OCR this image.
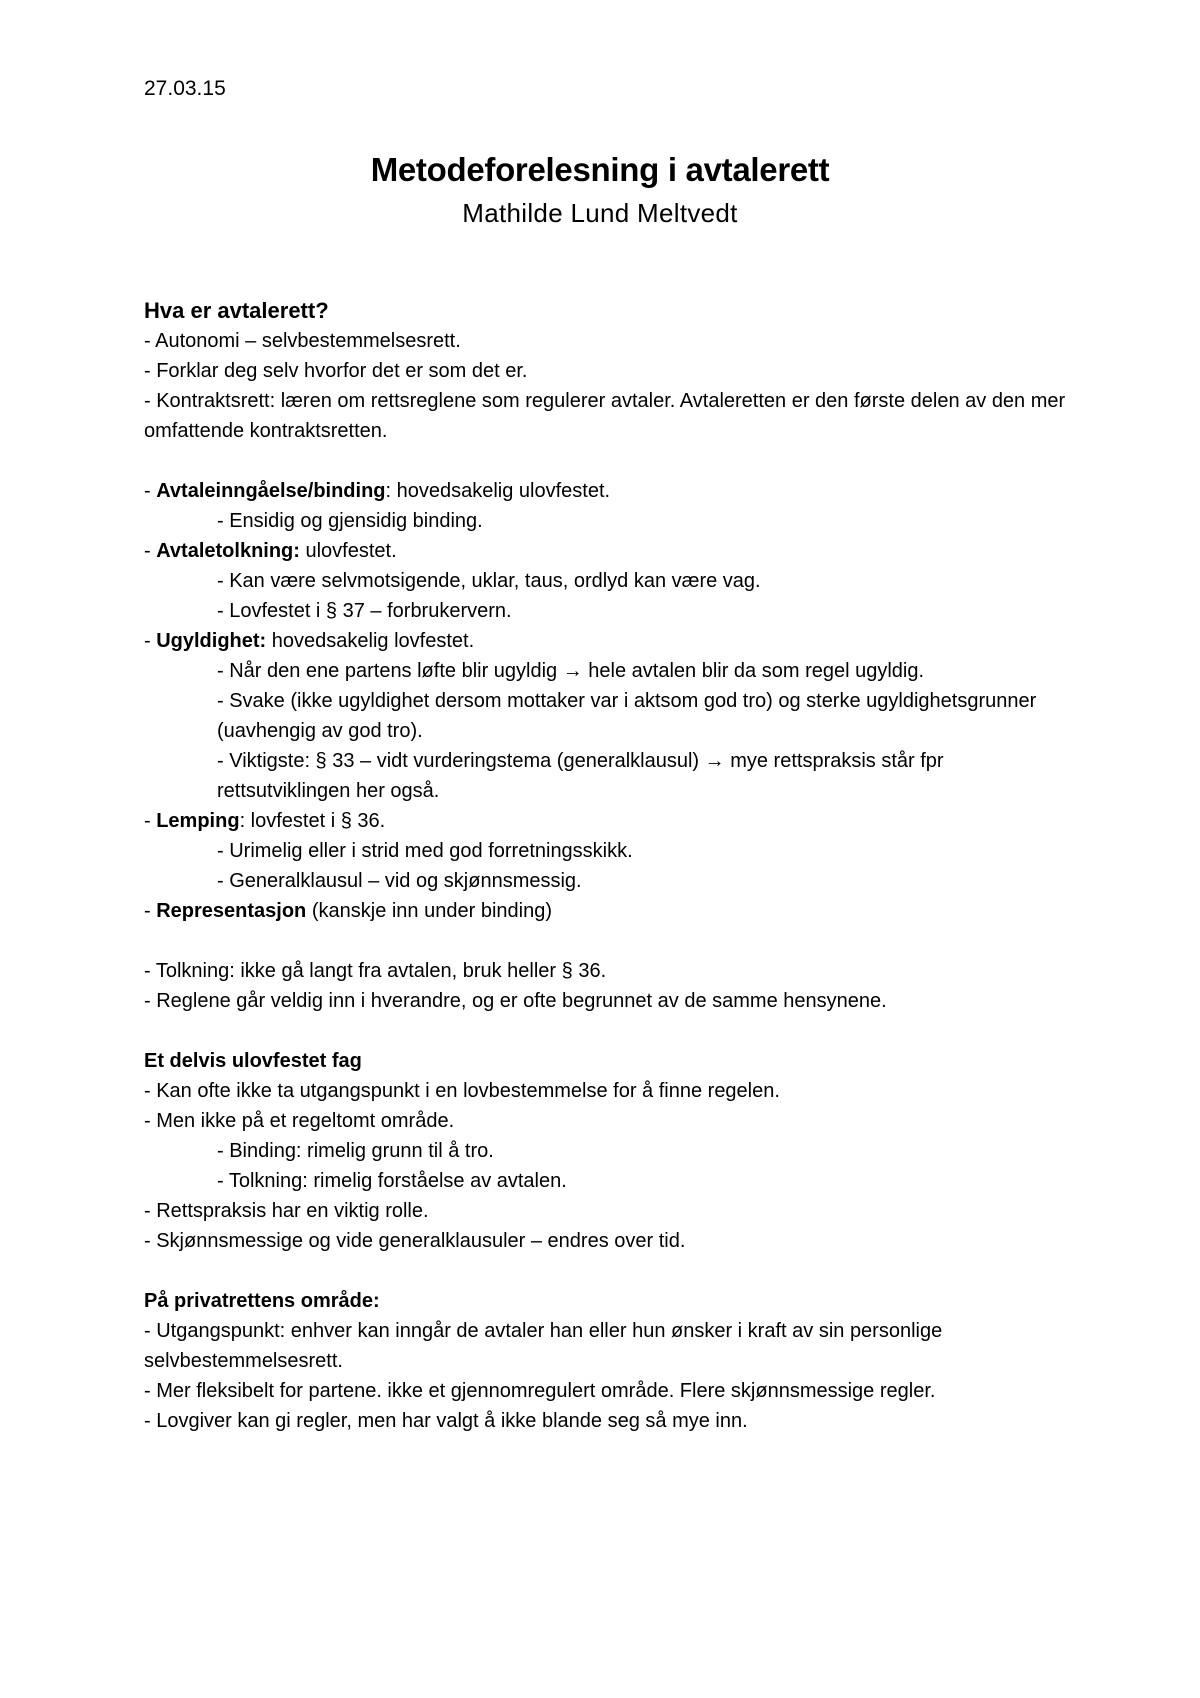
27.03.15
Metodeforelesning i avtalerett
Mathilde Lund Meltvedt
Hva er avtalerett?
- Autonomi – selvbestemmelsesrett.
- Forklar deg selv hvorfor det er som det er.
- Kontraktsrett: læren om rettsreglene som regulerer avtaler. Avtaleretten er den første delen av den mer omfattende kontraktsretten.
- Avtaleinngåelse/binding: hovedsakelig ulovfestet.
- Ensidig og gjensidig binding.
- Avtaletolkning: ulovfestet.
- Kan være selvmotsigende, uklar, taus, ordlyd kan være vag.
- Lovfestet i § 37 – forbrukervern.
- Ugyldighet: hovedsakelig lovfestet.
- Når den ene partens løfte blir ugyldig → hele avtalen blir da som regel ugyldig.
- Svake (ikke ugyldighet dersom mottaker var i aktsom god tro) og sterke ugyldighetsgrunner (uavhengig av god tro).
- Viktigste: § 33 – vidt vurderingstema (generalklausul) → mye rettspraksis står fpr rettsutviklingen her også.
- Lemping: lovfestet i § 36.
- Urimelig eller i strid med god forretningsskikk.
- Generalklausul – vid og skjønnsmessig.
- Representasjon (kanskje inn under binding)
- Tolkning: ikke gå langt fra avtalen, bruk heller § 36.
- Reglene går veldig inn i hverandre, og er ofte begrunnet av de samme hensynene.
Et delvis ulovfestet fag
- Kan ofte ikke ta utgangspunkt i en lovbestemmelse for å finne regelen.
- Men ikke på et regeltomt område.
- Binding: rimelig grunn til å tro.
- Tolkning: rimelig forståelse av avtalen.
- Rettspraksis har en viktig rolle.
- Skjønnsmessige og vide generalklausuler – endres over tid.
På privatrettens område:
- Utgangspunkt: enhver kan inngår de avtaler han eller hun ønsker i kraft av sin personlige selvbestemmelsesrett.
- Mer fleksibelt for partene. ikke et gjennomregulert område. Flere skjønnsmessige regler.
- Lovgiver kan gi regler, men har valgt å ikke blande seg så mye inn.
